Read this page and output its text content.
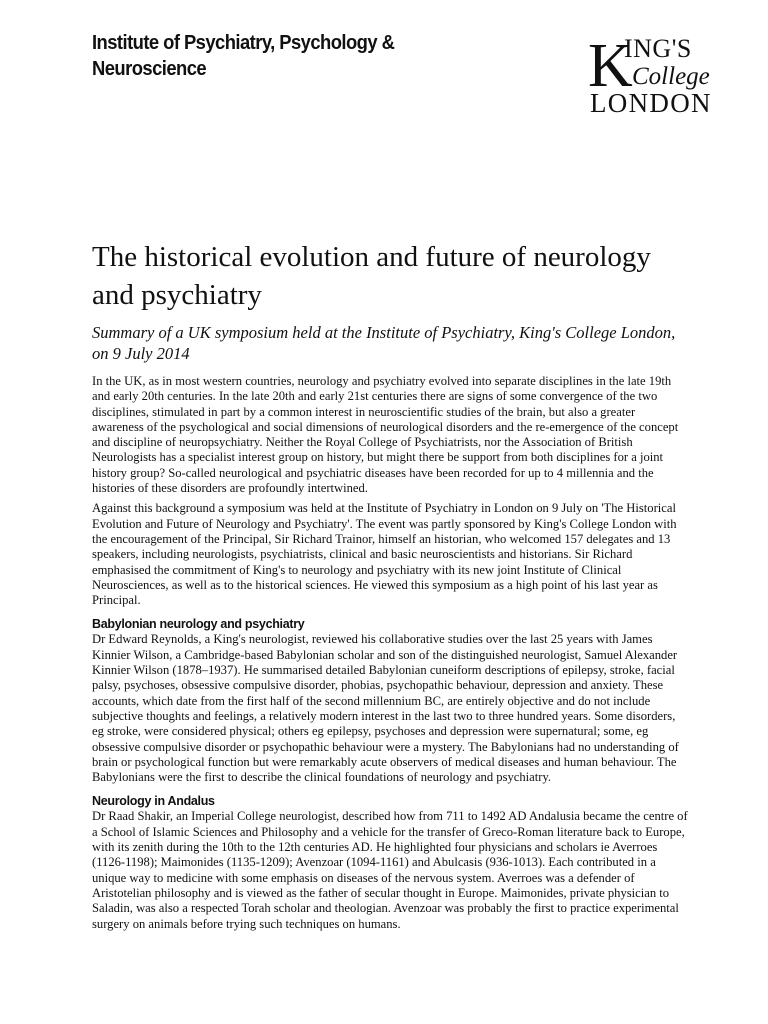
Institute of Psychiatry, Psychology &
Neuroscience	K
ING'S
College
LONDON
The historical evolution and future of neurology and psychiatry

Summary of a UK symposium held at the Institute of Psychiatry, King's College London, on 9 July 2014

In the UK, as in most western countries, neurology and psychiatry evolved into separate disciplines in the late 19th and early 20th centuries. In the late 20th and early 21st centuries there are signs of some convergence of the two disciplines, stimulated in part by a common interest in neuroscientific studies of the brain, but also a greater awareness of the psychological and social dimensions of neurological disorders and the re-emergence of the concept and discipline of neuropsychiatry. Neither the Royal College of Psychiatrists, nor the Association of British Neurologists has a specialist interest group on history, but might there be support from both disciplines for a joint history group? So-called neurological and psychiatric diseases have been recorded for up to 4 millennia and the histories of these disorders are profoundly intertwined.

Against this background a symposium was held at the Institute of Psychiatry in London on 9 July on 'The Historical Evolution and Future of Neurology and Psychiatry'. The event was partly sponsored by King's College London with the encouragement of the Principal, Sir Richard Trainor, himself an historian, who welcomed 157 delegates and 13 speakers, including neurologists, psychiatrists, clinical and basic neuroscientists and historians. Sir Richard emphasised the commitment of King's to neurology and psychiatry with its new joint Institute of Clinical Neurosciences, as well as to the historical sciences. He viewed this symposium as a high point of his last year as Principal.

Babylonian neurology and psychiatry

Dr Edward Reynolds, a King's neurologist, reviewed his collaborative studies over the last 25 years with James Kinnier Wilson, a Cambridge-based Babylonian scholar and son of the distinguished neurologist, Samuel Alexander Kinnier Wilson (1878–1937). He summarised detailed Babylonian cuneiform descriptions of epilepsy, stroke, facial palsy, psychoses, obsessive compulsive disorder, phobias, psychopathic behaviour, depression and anxiety. These accounts, which date from the first half of the second millennium BC, are entirely objective and do not include subjective thoughts and feelings, a relatively modern interest in the last two to three hundred years. Some disorders, eg stroke, were considered physical; others eg epilepsy, psychoses and depression were supernatural; some, eg obsessive compulsive disorder or psychopathic behaviour were a mystery. The Babylonians had no understanding of brain or psychological function but were remarkably acute observers of medical diseases and human behaviour. The Babylonians were the first to describe the clinical foundations of neurology and psychiatry.

Neurology in Andalus

Dr Raad Shakir, an Imperial College neurologist, described how from 711 to 1492 AD Andalusia became the centre of a School of Islamic Sciences and Philosophy and a vehicle for the transfer of Greco-Roman literature back to Europe, with its zenith during the 10th to the 12th centuries AD. He highlighted four physicians and scholars ie Averroes (1126-1198); Maimonides (1135-1209); Avenzoar (1094-1161) and Abulcasis (936-1013). Each contributed in a unique way to medicine with some emphasis on diseases of the nervous system. Averroes was a defender of Aristotelian philosophy and is viewed as the father of secular thought in Europe. Maimonides, private physician to Saladin, was also a respected Torah scholar and theologian. Avenzoar was probably the first to practice experimental surgery on animals before trying such techniques on humans.
